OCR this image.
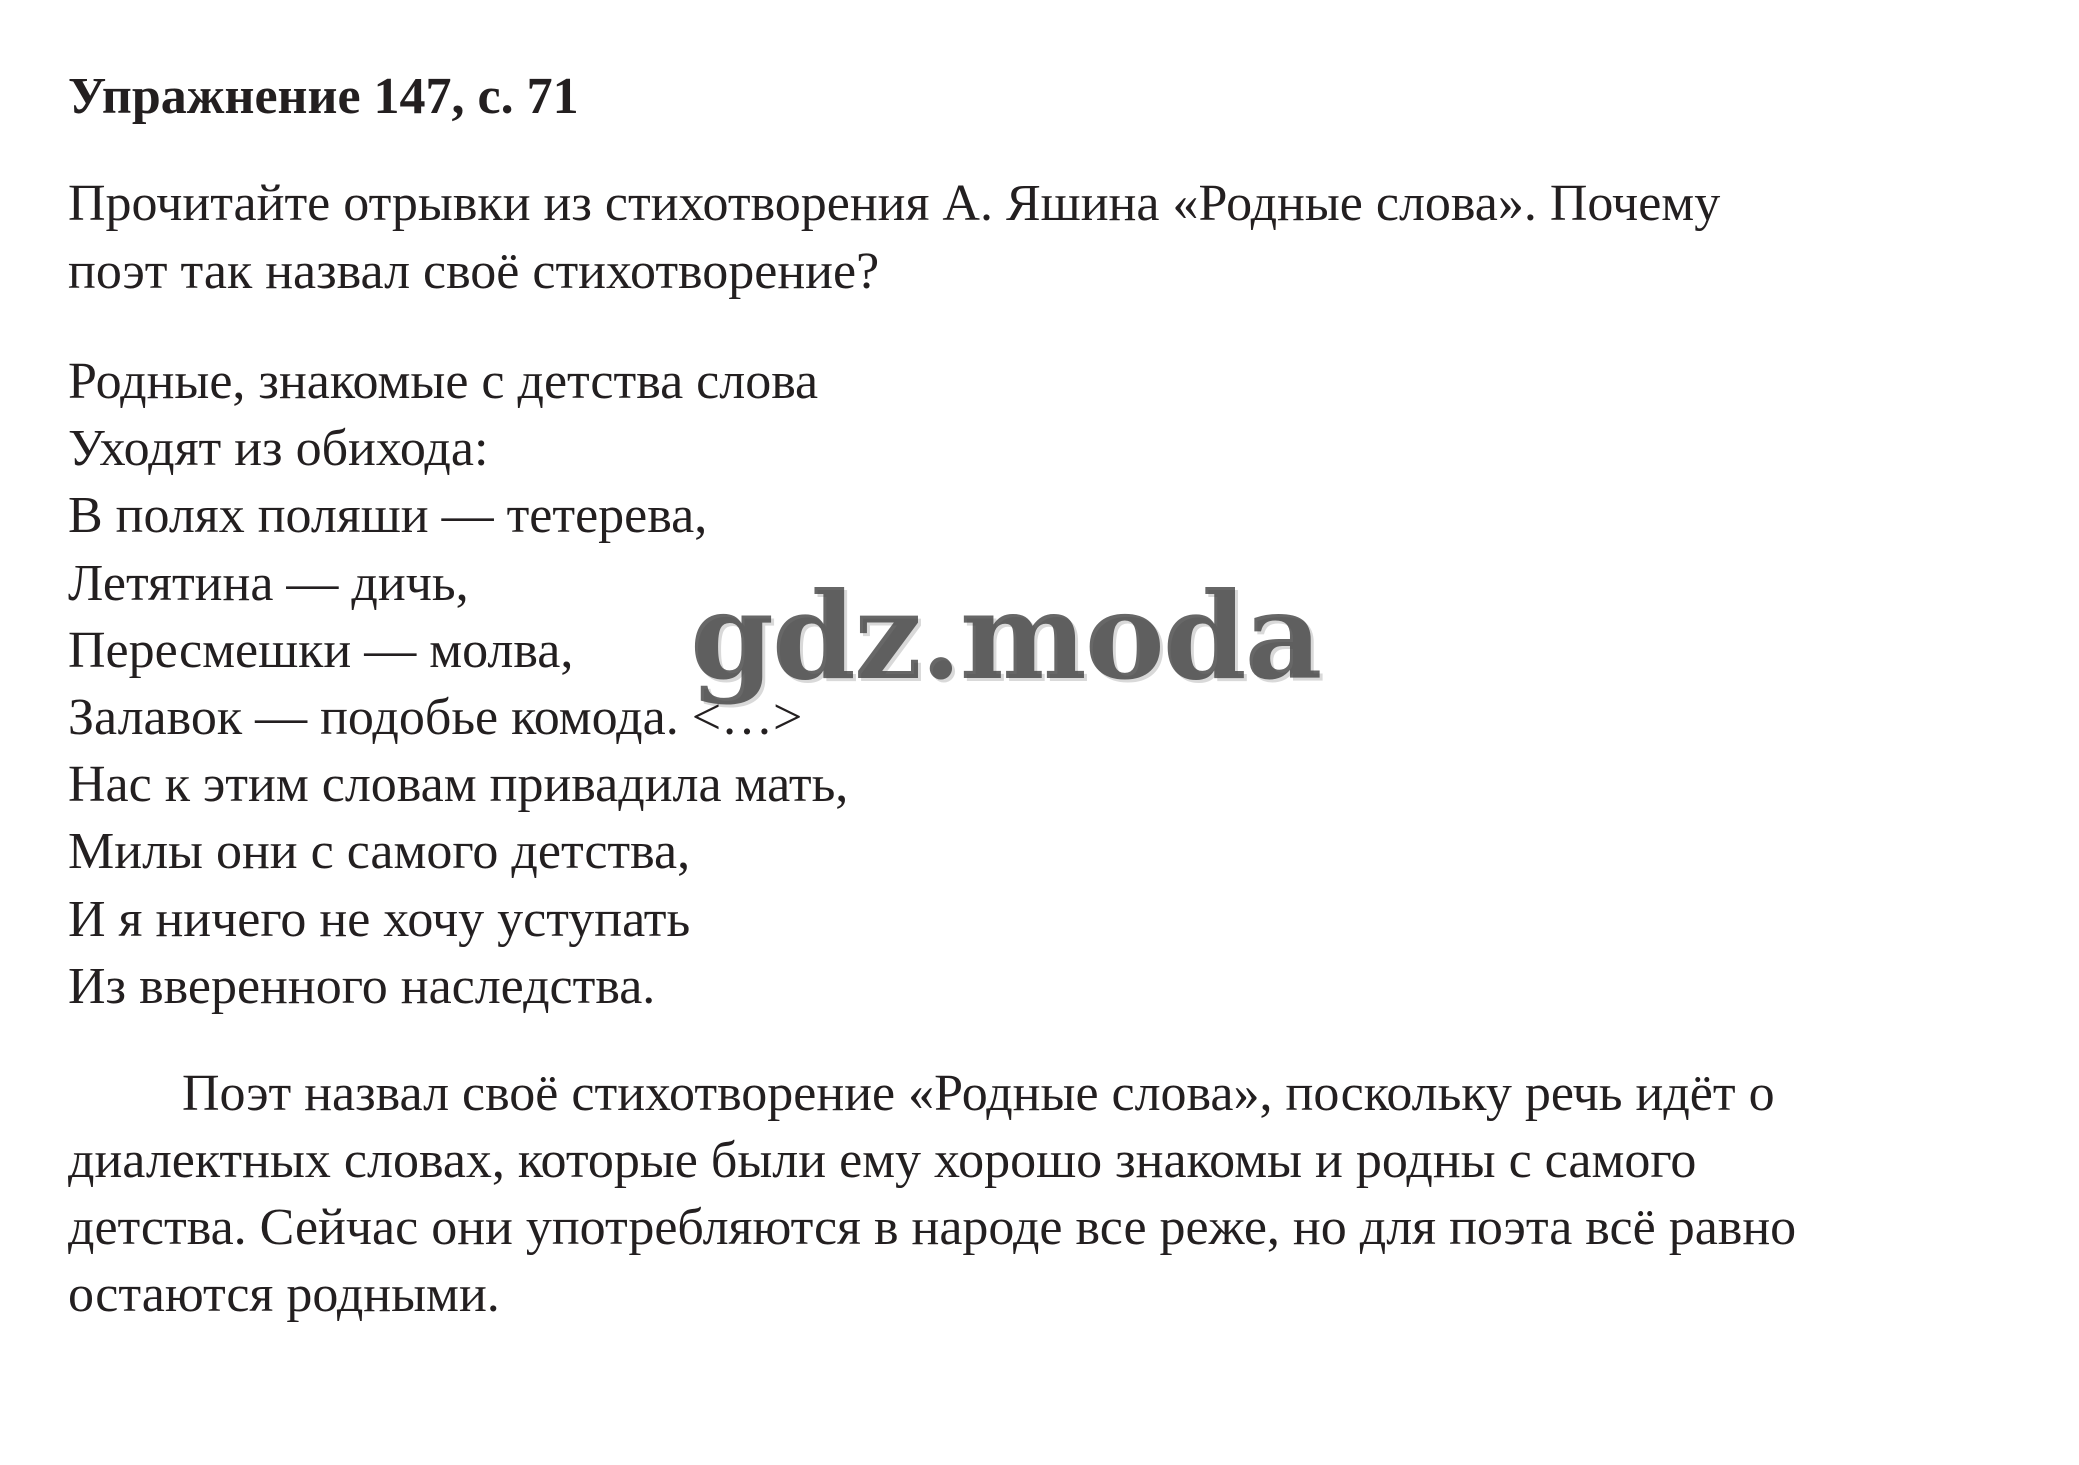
Упражнение 147, с. 71
Прочитайте отрывки из стихотворения А. Яшина «Родные слова». Почему
поэт так назвал своё стихотворение?
Родные, знакомые с детства слова
Уходят из обихода:
В полях поляши — тетерева,
Летятина — дичь,
Пересмешки — молва,
Залавок — подобье комода. <…>
Нас к этим словам привадила мать,
Милы они с самого детства,
И я ничего не хочу уступать
Из вверенного наследства.
Поэт назвал своё стихотворение «Родные слова», поскольку речь идёт о
диалектных словах, которые были ему хорошо знакомы и родны с самого
детства. Сейчас они употребляются в народе все реже, но для поэта всё равно
остаются родными.
gdz.moda
